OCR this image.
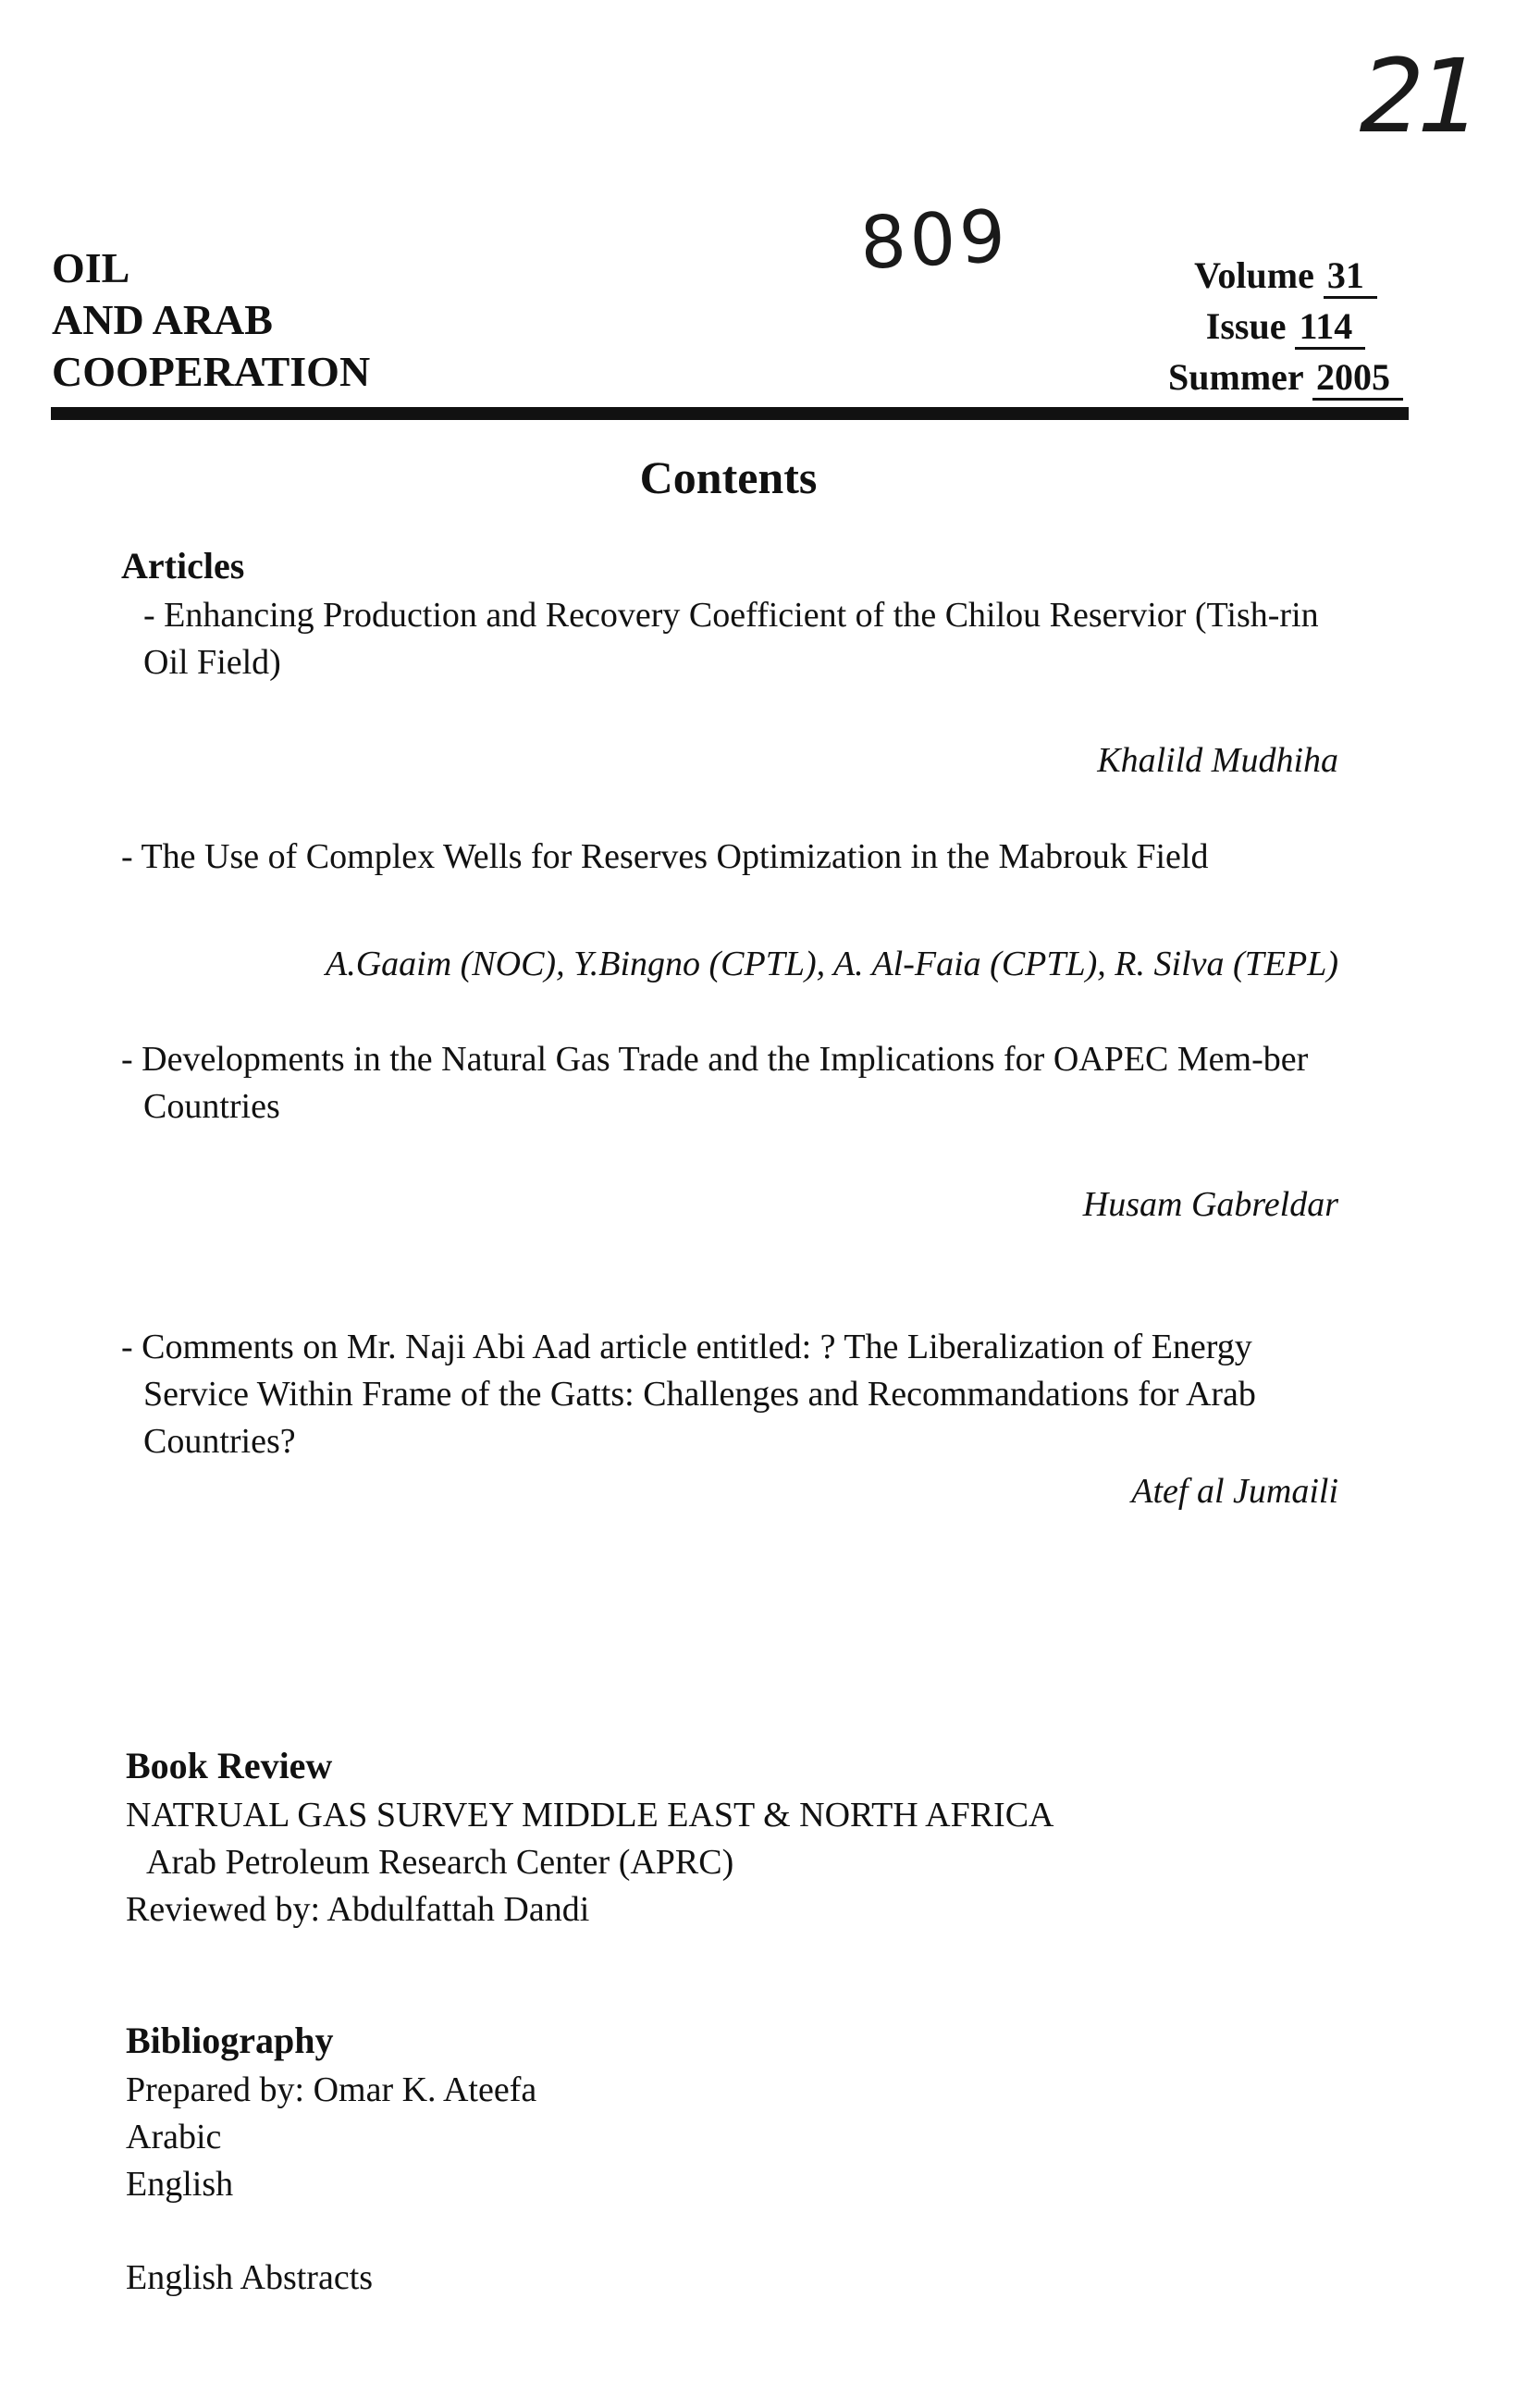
21
809
OIL
AND ARAB
COOPERATION
Volume 31
Issue 114
Summer 2005
Contents
Articles
- Enhancing Production and Recovery Coefficient of the Chilou Reservior (Tish-rin Oil Field)
Khalild Mudhiha
- The Use of Complex Wells for Reserves Optimization in the Mabrouk Field
A.Gaaim (NOC), Y.Bingno (CPTL), A. Al-Faia (CPTL), R. Silva (TEPL)
- Developments in the Natural Gas Trade and the Implications for OAPEC Mem-ber Countries
Husam Gabreldar
- Comments on Mr. Naji Abi Aad article entitled: ? The Liberalization of Energy Service Within Frame of the Gatts: Challenges and Recommandations for Arab Countries?
Atef al Jumaili
Book Review
NATRUAL GAS SURVEY MIDDLE EAST & NORTH AFRICA
Arab Petroleum Research Center (APRC)
Reviewed by: Abdulfattah Dandi
Bibliography
Prepared by: Omar K. Ateefa
Arabic
English
English Abstracts
